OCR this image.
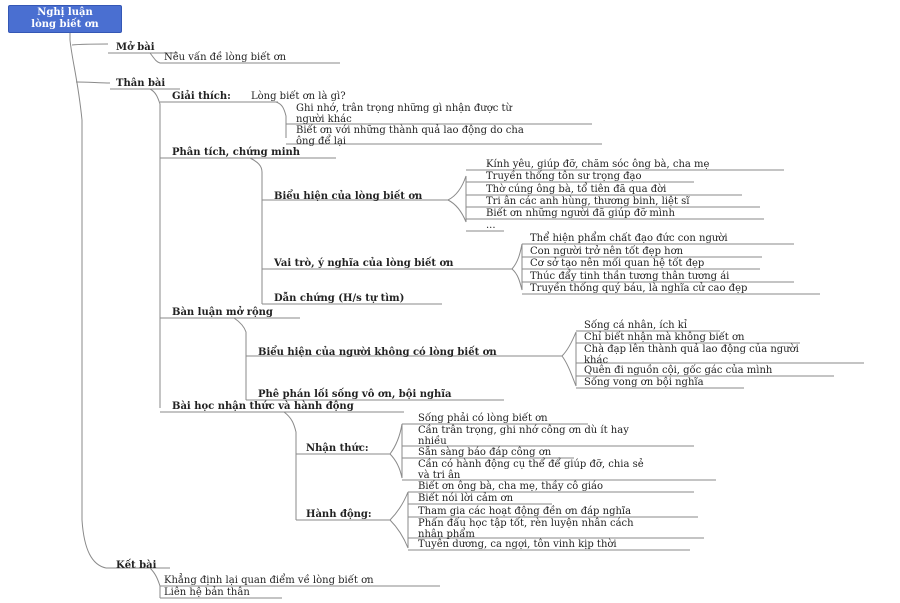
Nghị luận
lòng biết ơn
Mở bài
Nêu vấn đề lòng biết ơn
Thân bài
Giải thích: Lòng biết ơn là gì?
Ghi nhớ, trân trọng những gì nhận được từ
người khác
Biết ơn với những thành quả lao động do cha
ông để lại
Phân tích, chứng minh
Biểu hiện của lòng biết ơn
Kính yêu, giúp đỡ, chăm sóc ông bà, cha mẹ
Truyền thống tôn sư trọng đạo
Thờ cúng ông bà, tổ tiên đã qua đời
Tri ân các anh hùng, thương binh, liệt sĩ
Biết ơn những người đã giúp đỡ mình
...
Vai trò, ý nghĩa của lòng biết ơn
Thể hiện phẩm chất đạo đức con người
Con người trở nên tốt đẹp hơn
Cơ sở tạo nên mối quan hệ tốt đẹp
Thúc đẩy tinh thần tương thân tương ái
Truyền thống quý báu, là nghĩa cử cao đẹp
Dẫn chứng (H/s tự tìm)
Bàn luận mở rộng
Biểu hiện của người không có lòng biết ơn
Sống cá nhân, ích kỉ
Chỉ biết nhận mà không biết ơn
Chà đạp lên thành quả lao động của người
khác
Quên đi nguồn cội, gốc gác của mình
Sống vong ơn bội nghĩa
Phê phán lối sống vô ơn, bội nghĩa
Bài học nhận thức và hành động
Nhận thức:
Sống phải có lòng biết ơn
Cần trân trọng, ghi nhớ công ơn dù ít hay
nhiều
Sẵn sàng báo đáp công ơn
Cần có hành động cụ thể để giúp đỡ, chia sẻ
và tri ân
Hành động:
Biết ơn ông bà, cha mẹ, thầy cô giáo
Biết nói lời cảm ơn
Tham gia các hoạt động đền ơn đáp nghĩa
Phấn đấu học tập tốt, rèn luyện nhân cách
nhân phẩm
Tuyên dương, ca ngợi, tôn vinh kịp thời
Kết bài
Khẳng định lại quan điểm về lòng biết ơn
Liên hệ bản thân
